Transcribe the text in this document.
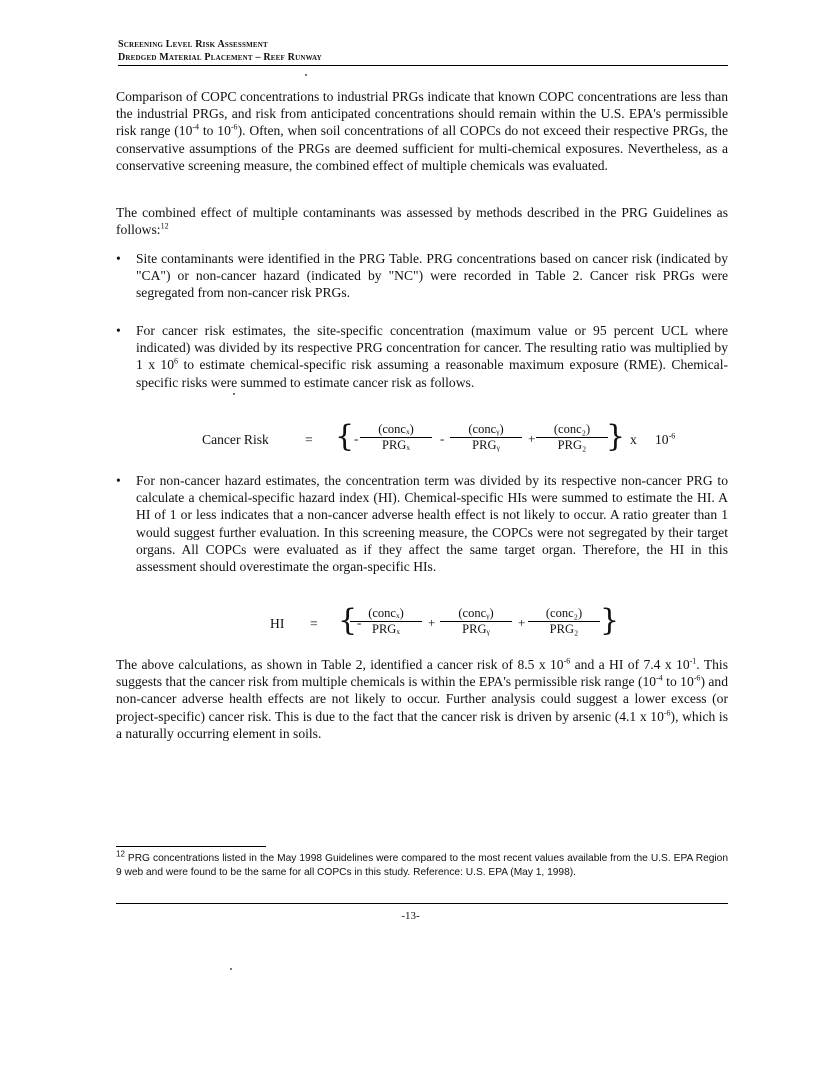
Screening Level Risk Assessment
Dredged Material Placement – Reef Runway

Comparison of COPC concentrations to industrial PRGs indicate that known COPC concentrations are less than the industrial PRGs, and risk from anticipated concentrations should remain within the U.S. EPA's permissible risk range ($10^{-4}$ to $10^{-6}$). Often, when soil concentrations of all COPCs do not exceed their respective PRGs, the conservative assumptions of the PRGs are deemed sufficient for multi-chemical exposures. Nevertheless, as a conservative screening measure, the combined effect of multiple chemicals was evaluated.

The combined effect of multiple contaminants was assessed by methods described in the PRG Guidelines as follows:$^{12}$

•	Site contaminants were identified in the PRG Table. PRG concentrations based on cancer risk (indicated by "CA") or non-cancer hazard (indicated by "NC") were recorded in Table 2. Cancer risk PRGs were segregated from non-cancer risk PRGs.
•	For cancer risk estimates, the site-specific concentration (maximum value or 95 percent UCL where indicated) was divided by its respective PRG concentration for cancer. The resulting ratio was multiplied by 1 x $10^6$ to estimate chemical-specific risk assuming a reasonable maximum exposure (RME). Chemical-specific risks were summed to estimate cancer risk as follows.
Cancer Risk	= { -
(concₓ)
PRGₓ	-
(concᵧ)
PRGᵧ	+
(conc₂)
PRG₂ } x $10^{-6}$
•	For non-cancer hazard estimates, the concentration term was divided by its respective non-cancer PRG to calculate a chemical-specific hazard index (HI). Chemical-specific HIs were summed to estimate the HI. A HI of 1 or less indicates that a non-cancer adverse health effect is not likely to occur. A ratio greater than 1 would suggest further evaluation. In this screening measure, the COPCs were not segregated by their target organs. All COPCs were evaluated as if they affect the same target organ. Therefore, the HI in this assessment should overestimate the organ-specific HIs.
HI = { -
(concₓ)
PRGₓ	+
(concᵧ)
PRGᵧ	+
(conc₂)
PRG₂ }

The above calculations, as shown in Table 2, identified a cancer risk of 8.5 x $10^{-6}$ and a HI of 7.4 x $10^{-1}$. This suggests that the cancer risk from multiple chemicals is within the EPA's permissible risk range ($10^{-4}$ to $10^{-6}$) and non-cancer adverse health effects are not likely to occur. Further analysis could suggest a lower excess (or project-specific) cancer risk. This is due to the fact that the cancer risk is driven by arsenic (4.1 x $10^{-6}$), which is a naturally occurring element in soils.

$^{12}$ PRG concentrations listed in the May 1998 Guidelines were compared to the most recent values available from the U.S. EPA Region 9 web and were found to be the same for all COPCs in this study. Reference: U.S. EPA (May 1, 1998).
-13-
